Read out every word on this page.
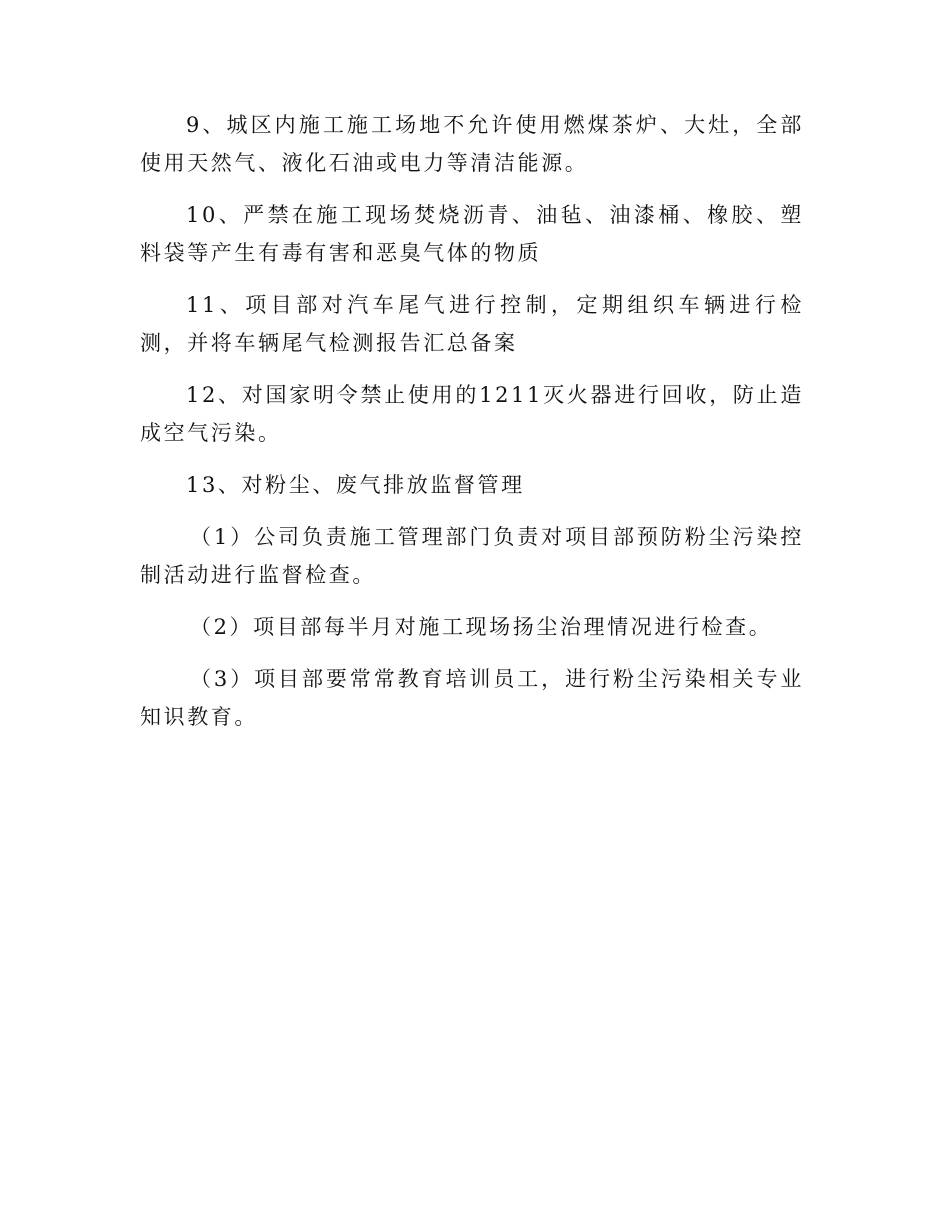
9、城区内施工施工场地不允许使用燃煤茶炉、大灶，全部使用天然气、液化石油或电力等清洁能源。

10、严禁在施工现场焚烧沥青、油毡、油漆桶、橡胶、塑料袋等产生有毒有害和恶臭气体的物质

11、项目部对汽车尾气进行控制，定期组织车辆进行检测，并将车辆尾气检测报告汇总备案

12、对国家明令禁止使用的1211灭火器进行回收，防止造成空气污染。

13、对粉尘、废气排放监督管理

（1）公司负责施工管理部门负责对项目部预防粉尘污染控制活动进行监督检查。

（2）项目部每半月对施工现场扬尘治理情况进行检查。

（3）项目部要常常教育培训员工，进行粉尘污染相关专业知识教育。
